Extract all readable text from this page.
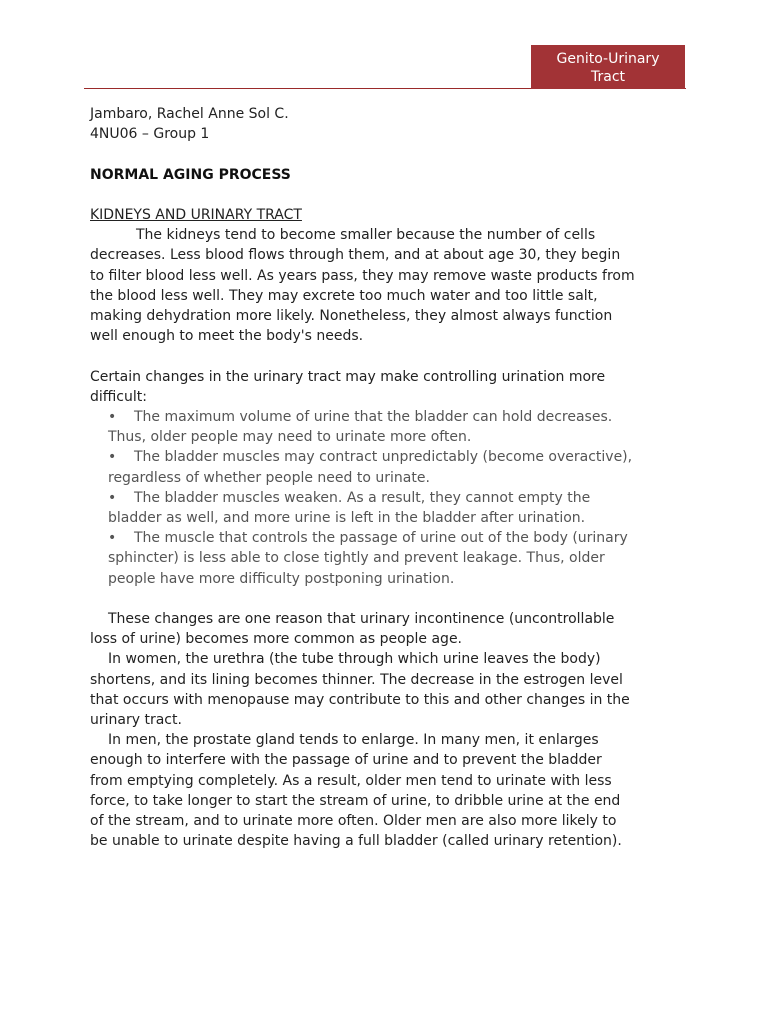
Genito-Urinary
Tract
Jambaro, Rachel Anne Sol C.
4NU06 – Group 1
NORMAL AGING PROCESS
KIDNEYS AND URINARY TRACT
The kidneys tend to become smaller because the number of cells
decreases. Less blood flows through them, and at about age 30, they begin
to filter blood less well. As years pass, they may remove waste products from
the blood less well. They may excrete too much water and too little salt,
making dehydration more likely. Nonetheless, they almost always function
well enough to meet the body's needs.
Certain changes in the urinary tract may make controlling urination more
difficult:
• The maximum volume of urine that the bladder can hold decreases.
Thus, older people may need to urinate more often.
• The bladder muscles may contract unpredictably (become overactive),
regardless of whether people need to urinate.
• The bladder muscles weaken. As a result, they cannot empty the
bladder as well, and more urine is left in the bladder after urination.
• The muscle that controls the passage of urine out of the body (urinary
sphincter) is less able to close tightly and prevent leakage. Thus, older
people have more difficulty postponing urination.
These changes are one reason that urinary incontinence (uncontrollable
loss of urine) becomes more common as people age.
In women, the urethra (the tube through which urine leaves the body)
shortens, and its lining becomes thinner. The decrease in the estrogen level
that occurs with menopause may contribute to this and other changes in the
urinary tract.
In men, the prostate gland tends to enlarge. In many men, it enlarges
enough to interfere with the passage of urine and to prevent the bladder
from emptying completely. As a result, older men tend to urinate with less
force, to take longer to start the stream of urine, to dribble urine at the end
of the stream, and to urinate more often. Older men are also more likely to
be unable to urinate despite having a full bladder (called urinary retention).
